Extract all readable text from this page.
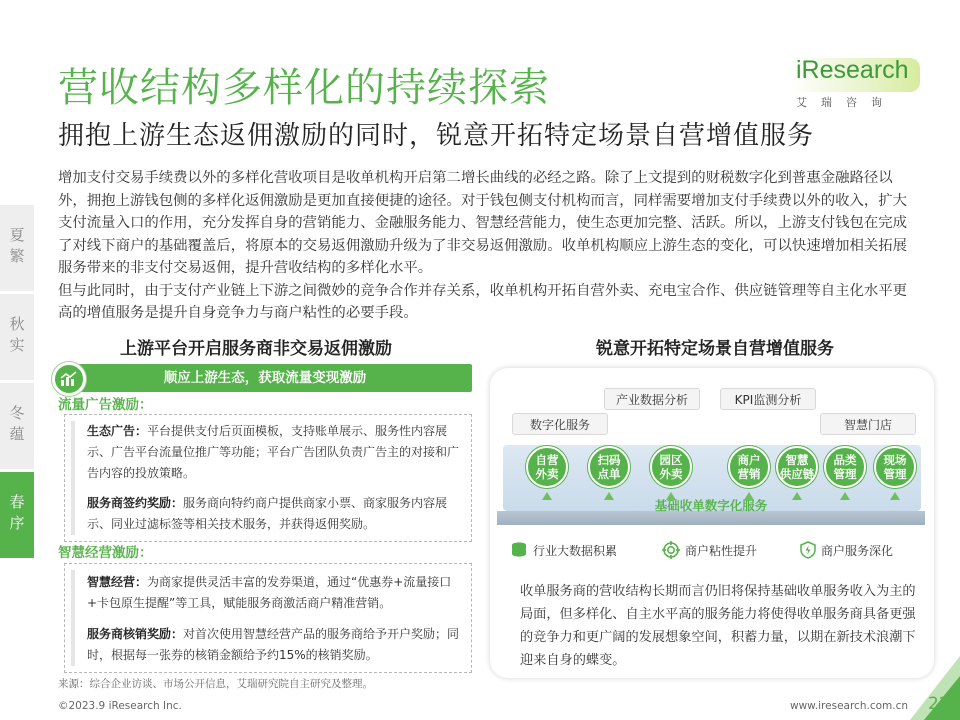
营收结构多样化的持续探索
拥抱上游生态返佣激励的同时，锐意开拓特定场景自营增值服务
iResearch
艾瑞咨询
夏繁
秋实
冬蕴
春序

增加支付交易手续费以外的多样化营收项目是收单机构开启第二增长曲线的必经之路。除了上文提到的财税数字化到普惠金融路径以外，拥抱上游钱包侧的多样化返佣激励是更加直接便捷的途径。对于钱包侧支付机构而言，同样需要增加支付手续费以外的收入，扩大支付流量入口的作用，充分发挥自身的营销能力、金融服务能力、智慧经营能力，使生态更加完整、活跃。所以，上游支付钱包在完成了对线下商户的基础覆盖后，将原本的交易返佣激励升级为了非交易返佣激励。收单机构顺应上游生态的变化，可以快速增加相关拓展服务带来的非支付交易返佣，提升营收结构的多样化水平。

但与此同时，由于支付产业链上下游之间微妙的竞争合作并存关系，收单机构开拓自营外卖、充电宝合作、供应链管理等自主化水平更高的增值服务是提升自身竞争力与商户粘性的必要手段。

上游平台开启服务商非交易返佣激励
顺应上游生态，获取流量变现激励
流量广告激励：
生态广告：平台提供支付后页面模板，支持账单展示、服务性内容展示、广告平台流量位推广等功能；平台广告团队负责广告主的对接和广告内容的投放策略。
服务商签约奖励：服务商向特约商户提供商家小票、商家服务内容展示、同业过滤标签等相关技术服务，并获得返佣奖励。
智慧经营激励：
智慧经营：为商家提供灵活丰富的发券渠道，通过“优惠券+流量接口+卡包原生提醒”等工具，赋能服务商激活商户精准营销。
服务商核销奖励：对首次使用智慧经营产品的服务商给予开户奖励；同时，根据每一张券的核销金额给予约15%的核销奖励。
锐意开拓特定场景自营增值服务
产业数据分析	KPI监测分析
数字化服务	智慧门店
基础收单数字化服务
自营
外卖
扫码
点单
园区
外卖
商户
营销
智慧
供应链
品类
管理
现场
管理
行业大数据积累	商户粘性提升	商户服务深化
收单服务商的营收结构长期而言仍旧将保持基础收单服务收入为主的局面，但多样化、自主水平高的服务能力将使得收单服务商具备更强的竞争力和更广阔的发展想象空间，积蓄力量，以期在新技术浪潮下迎来自身的蝶变。
来源：综合企业访谈、市场公开信息，艾瑞研究院自主研究及整理。
©2023.9 iResearch Inc.	www.iresearch.com.cn 22
